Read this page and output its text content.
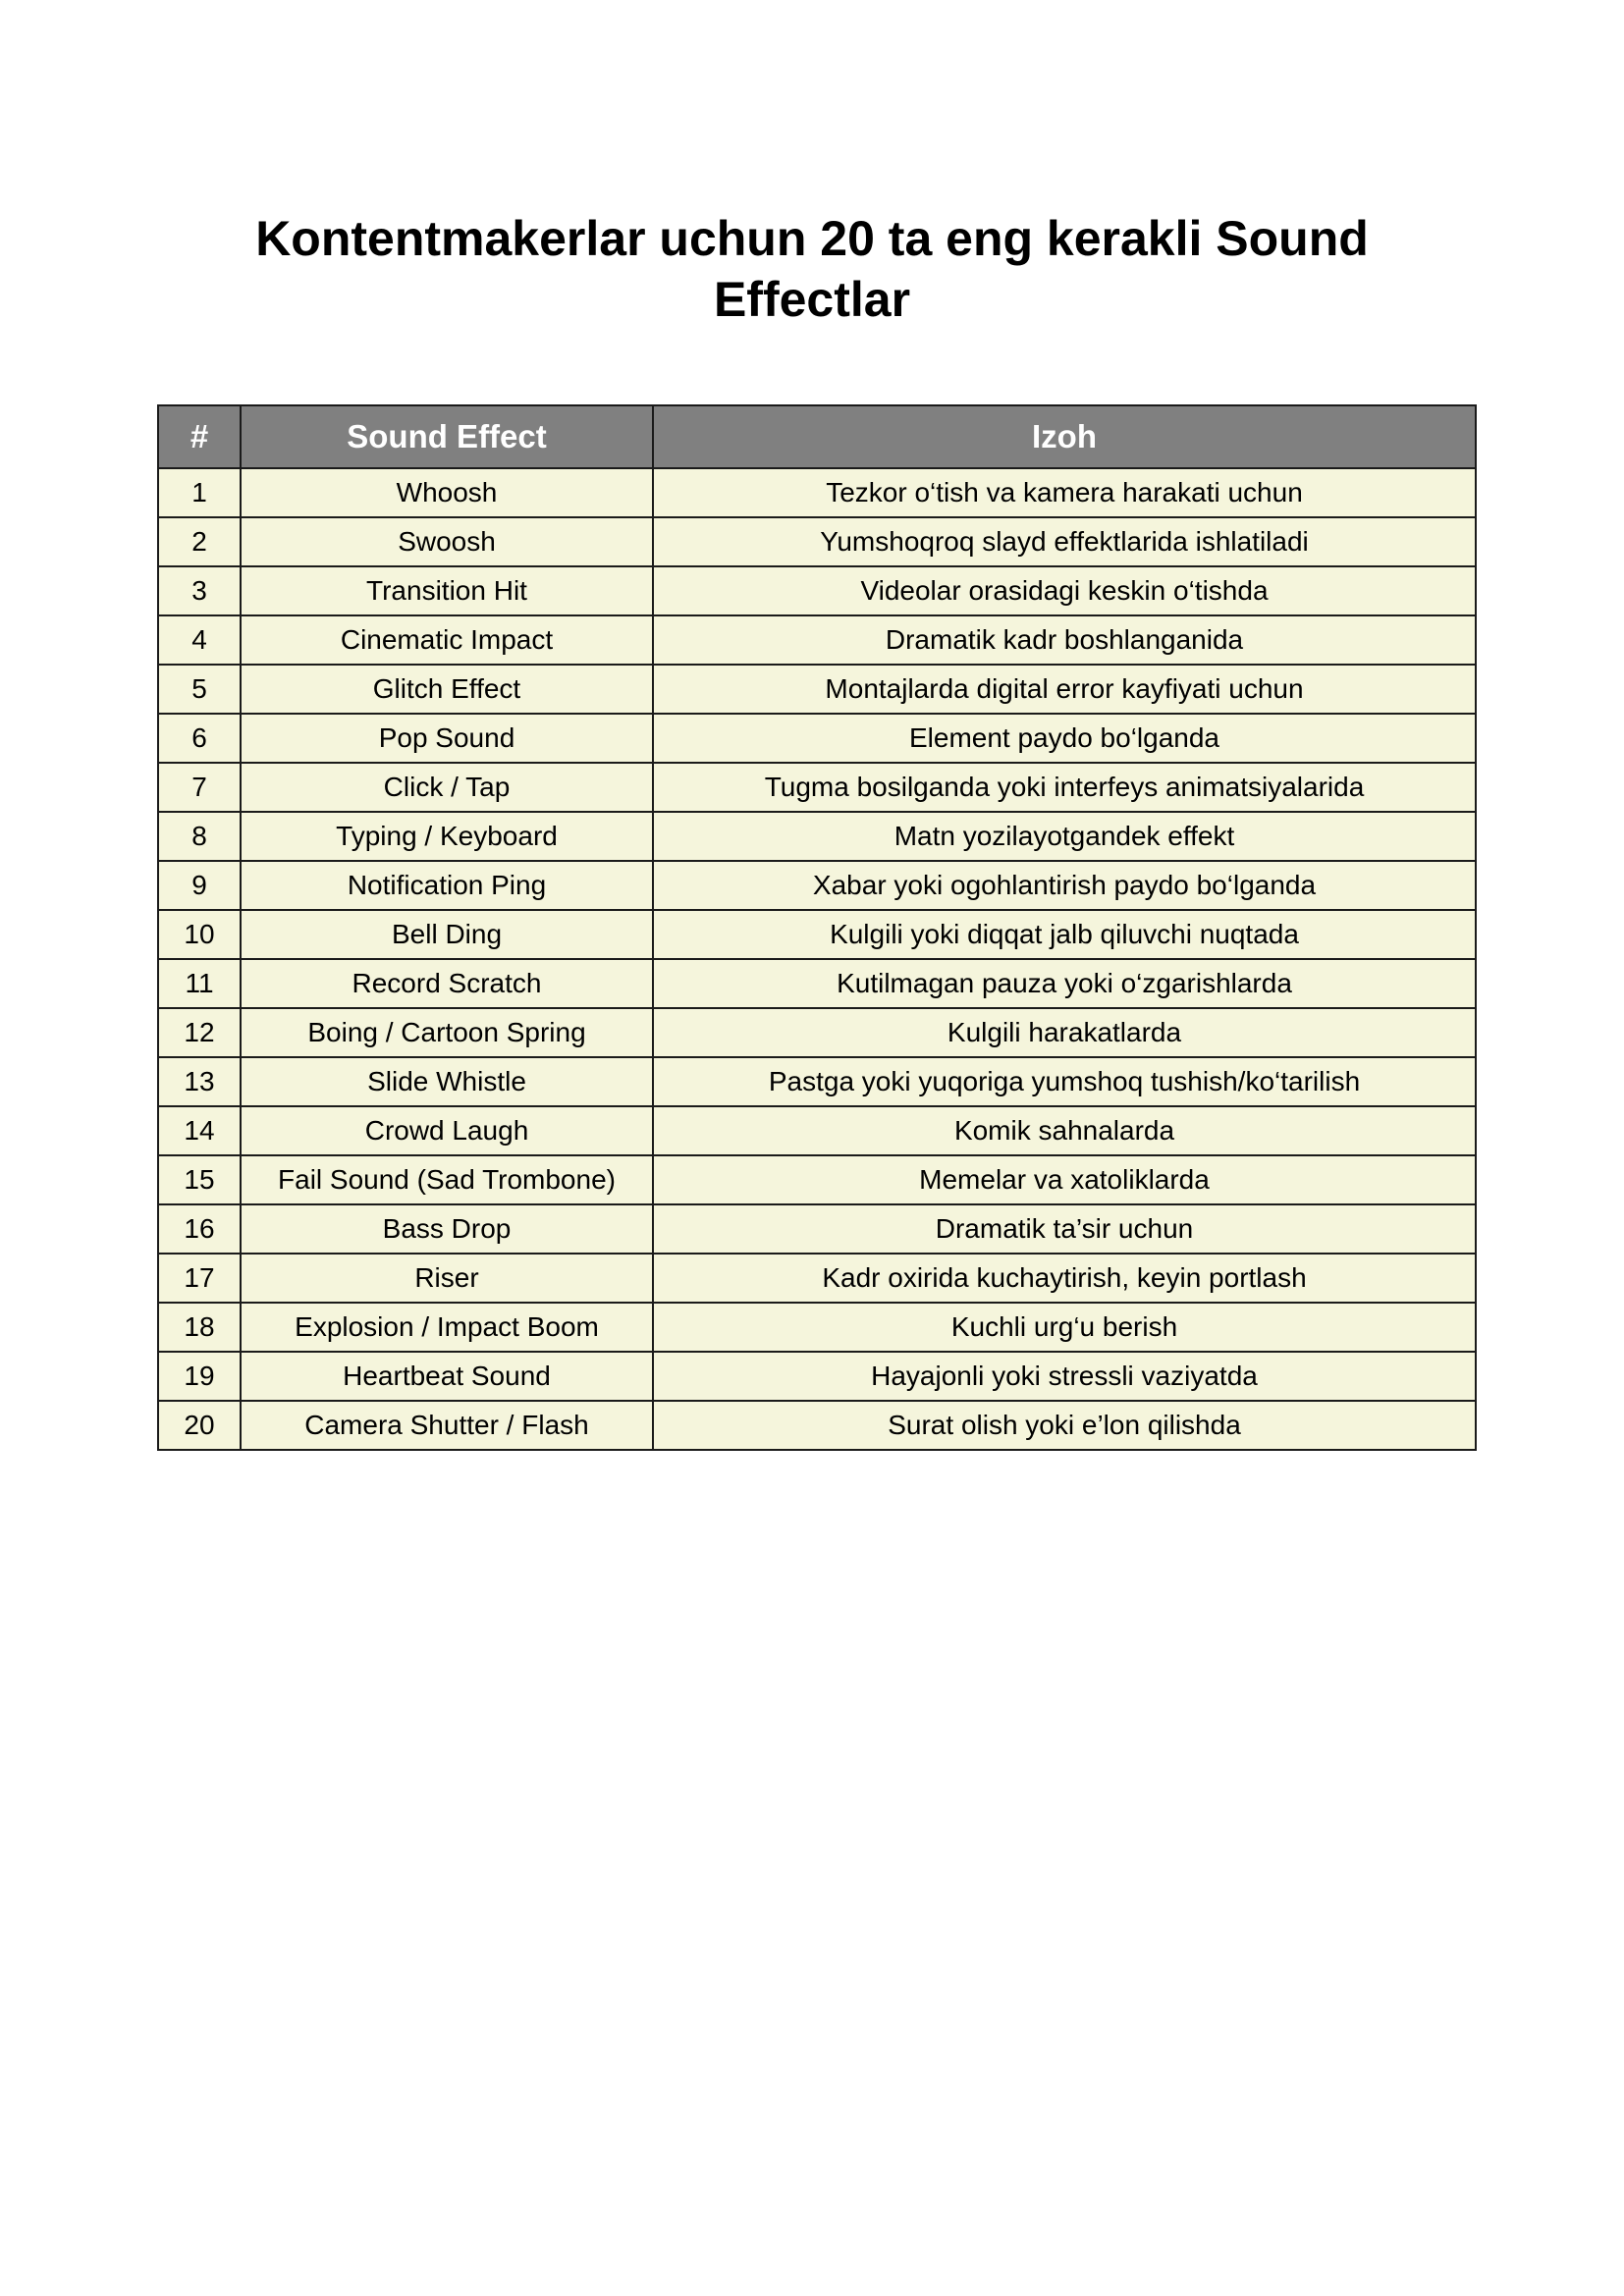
Kontentmakerlar uchun 20 ta eng kerakli Sound Effectlar
#	Sound Effect	Izoh
1	Whoosh	Tezkor o‘tish va kamera harakati uchun
2	Swoosh	Yumshoqroq slayd effektlarida ishlatiladi
3	Transition Hit	Videolar orasidagi keskin o‘tishda
4	Cinematic Impact	Dramatik kadr boshlanganida
5	Glitch Effect	Montajlarda digital error kayfiyati uchun
6	Pop Sound	Element paydo bo‘lganda
7	Click / Tap	Tugma bosilganda yoki interfeys animatsiyalarida
8	Typing / Keyboard	Matn yozilayotgandek effekt
9	Notification Ping	Xabar yoki ogohlantirish paydo bo‘lganda
10	Bell Ding	Kulgili yoki diqqat jalb qiluvchi nuqtada
11	Record Scratch	Kutilmagan pauza yoki o‘zgarishlarda
12	Boing / Cartoon Spring	Kulgili harakatlarda
13	Slide Whistle	Pastga yoki yuqoriga yumshoq tushish/ko‘tarilish
14	Crowd Laugh	Komik sahnalarda
15	Fail Sound (Sad Trombone)	Memelar va xatoliklarda
16	Bass Drop	Dramatik ta’sir uchun
17	Riser	Kadr oxirida kuchaytirish, keyin portlash
18	Explosion / Impact Boom	Kuchli urg‘u berish
19	Heartbeat Sound	Hayajonli yoki stressli vaziyatda
20	Camera Shutter / Flash	Surat olish yoki e’lon qilishda
